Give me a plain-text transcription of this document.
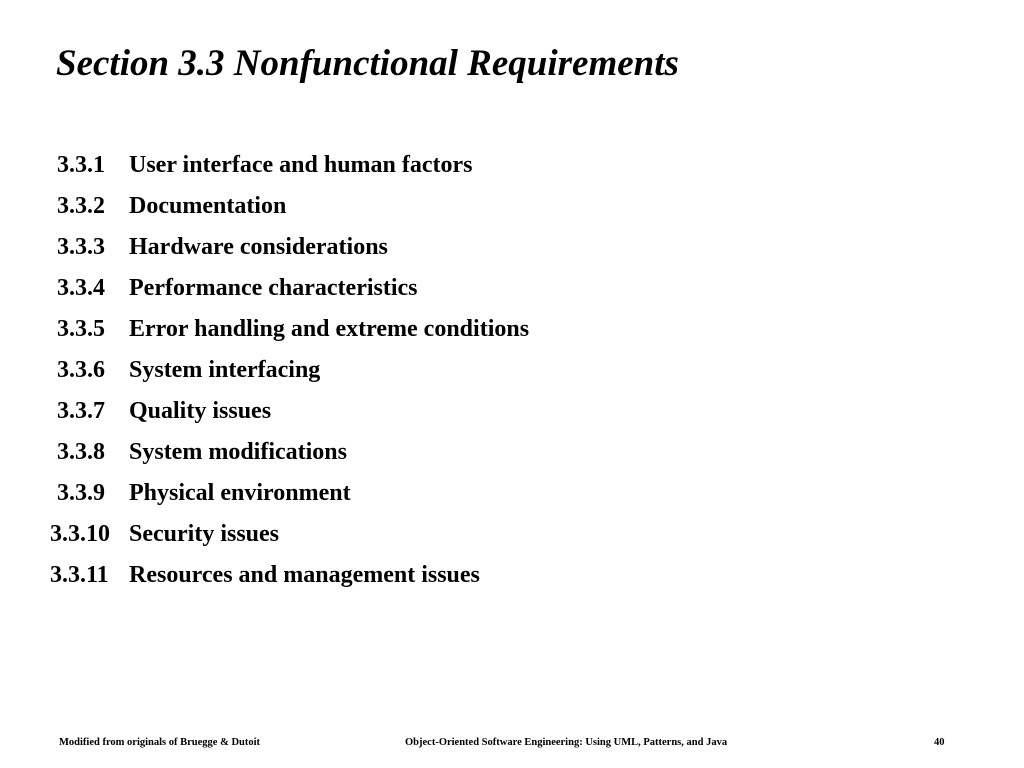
Section 3.3 Nonfunctional Requirements
3.3.1	User interface and human factors
3.3.2	Documentation
3.3.3	Hardware considerations
3.3.4	Performance characteristics
3.3.5	Error handling and extreme conditions
3.3.6	System interfacing
3.3.7	Quality issues
3.3.8	System modifications
3.3.9	Physical environment
3.3.10 Security issues
3.3.11 Resources and management issues
Modified from originals of Bruegge & Dutoit	Object-Oriented Software Engineering: Using UML, Patterns, and Java	40
